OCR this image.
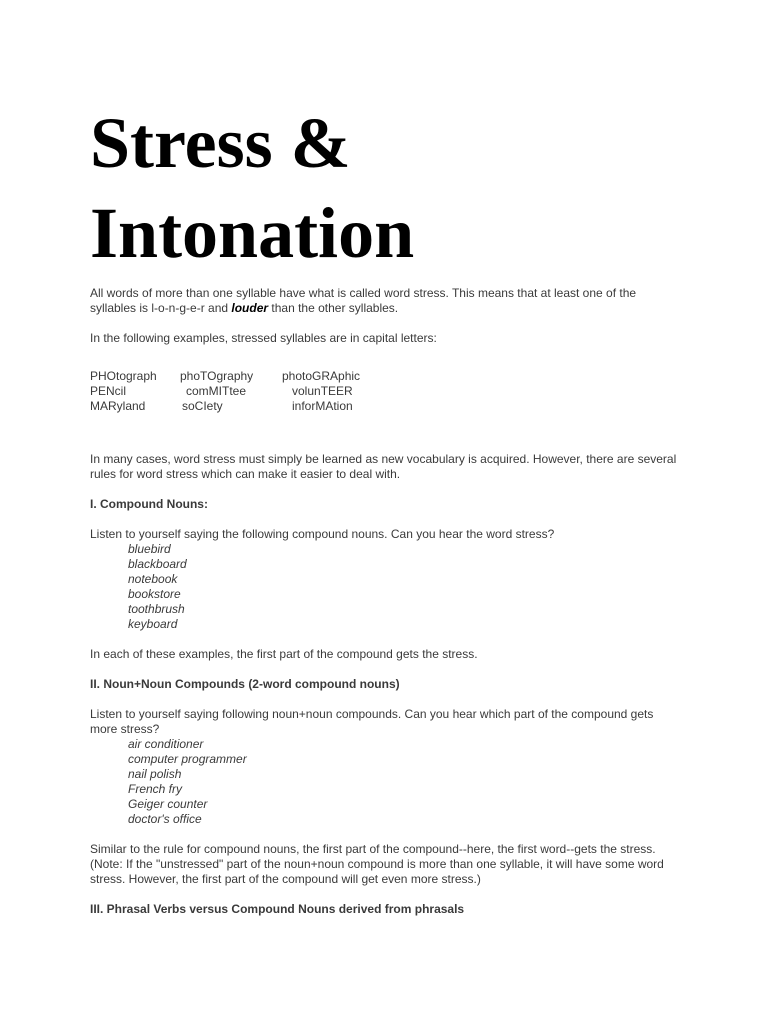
Stress &
Intonation

All words of more than one syllable have what is called word stress. This means that at least one of the syllables is l-o-n-g-e-r and louder than the other syllables.

In the following examples, stressed syllables are in capital letters:

PHOtograph	phoTOgraphy	photoGRAphic
PENcil	comMITtee	volunTEER
MARyland	soCIety	inforMAtion

In many cases, word stress must simply be learned as new vocabulary is acquired. However, there are several rules for word stress which can make it easier to deal with.

I. Compound Nouns:

Listen to yourself saying the following compound nouns. Can you hear the word stress?

bluebird
blackboard
notebook
bookstore
toothbrush
keyboard

In each of these examples, the first part of the compound gets the stress.

II. Noun+Noun Compounds (2-word compound nouns)

Listen to yourself saying following noun+noun compounds. Can you hear which part of the compound gets more stress?

air conditioner
computer programmer
nail polish
French fry
Geiger counter
doctor's office

Similar to the rule for compound nouns, the first part of the compound--here, the first word--gets the stress. (Note: If the "unstressed" part of the noun+noun compound is more than one syllable, it will have some word stress. However, the first part of the compound will get even more stress.)

III. Phrasal Verbs versus Compound Nouns derived from phrasals
